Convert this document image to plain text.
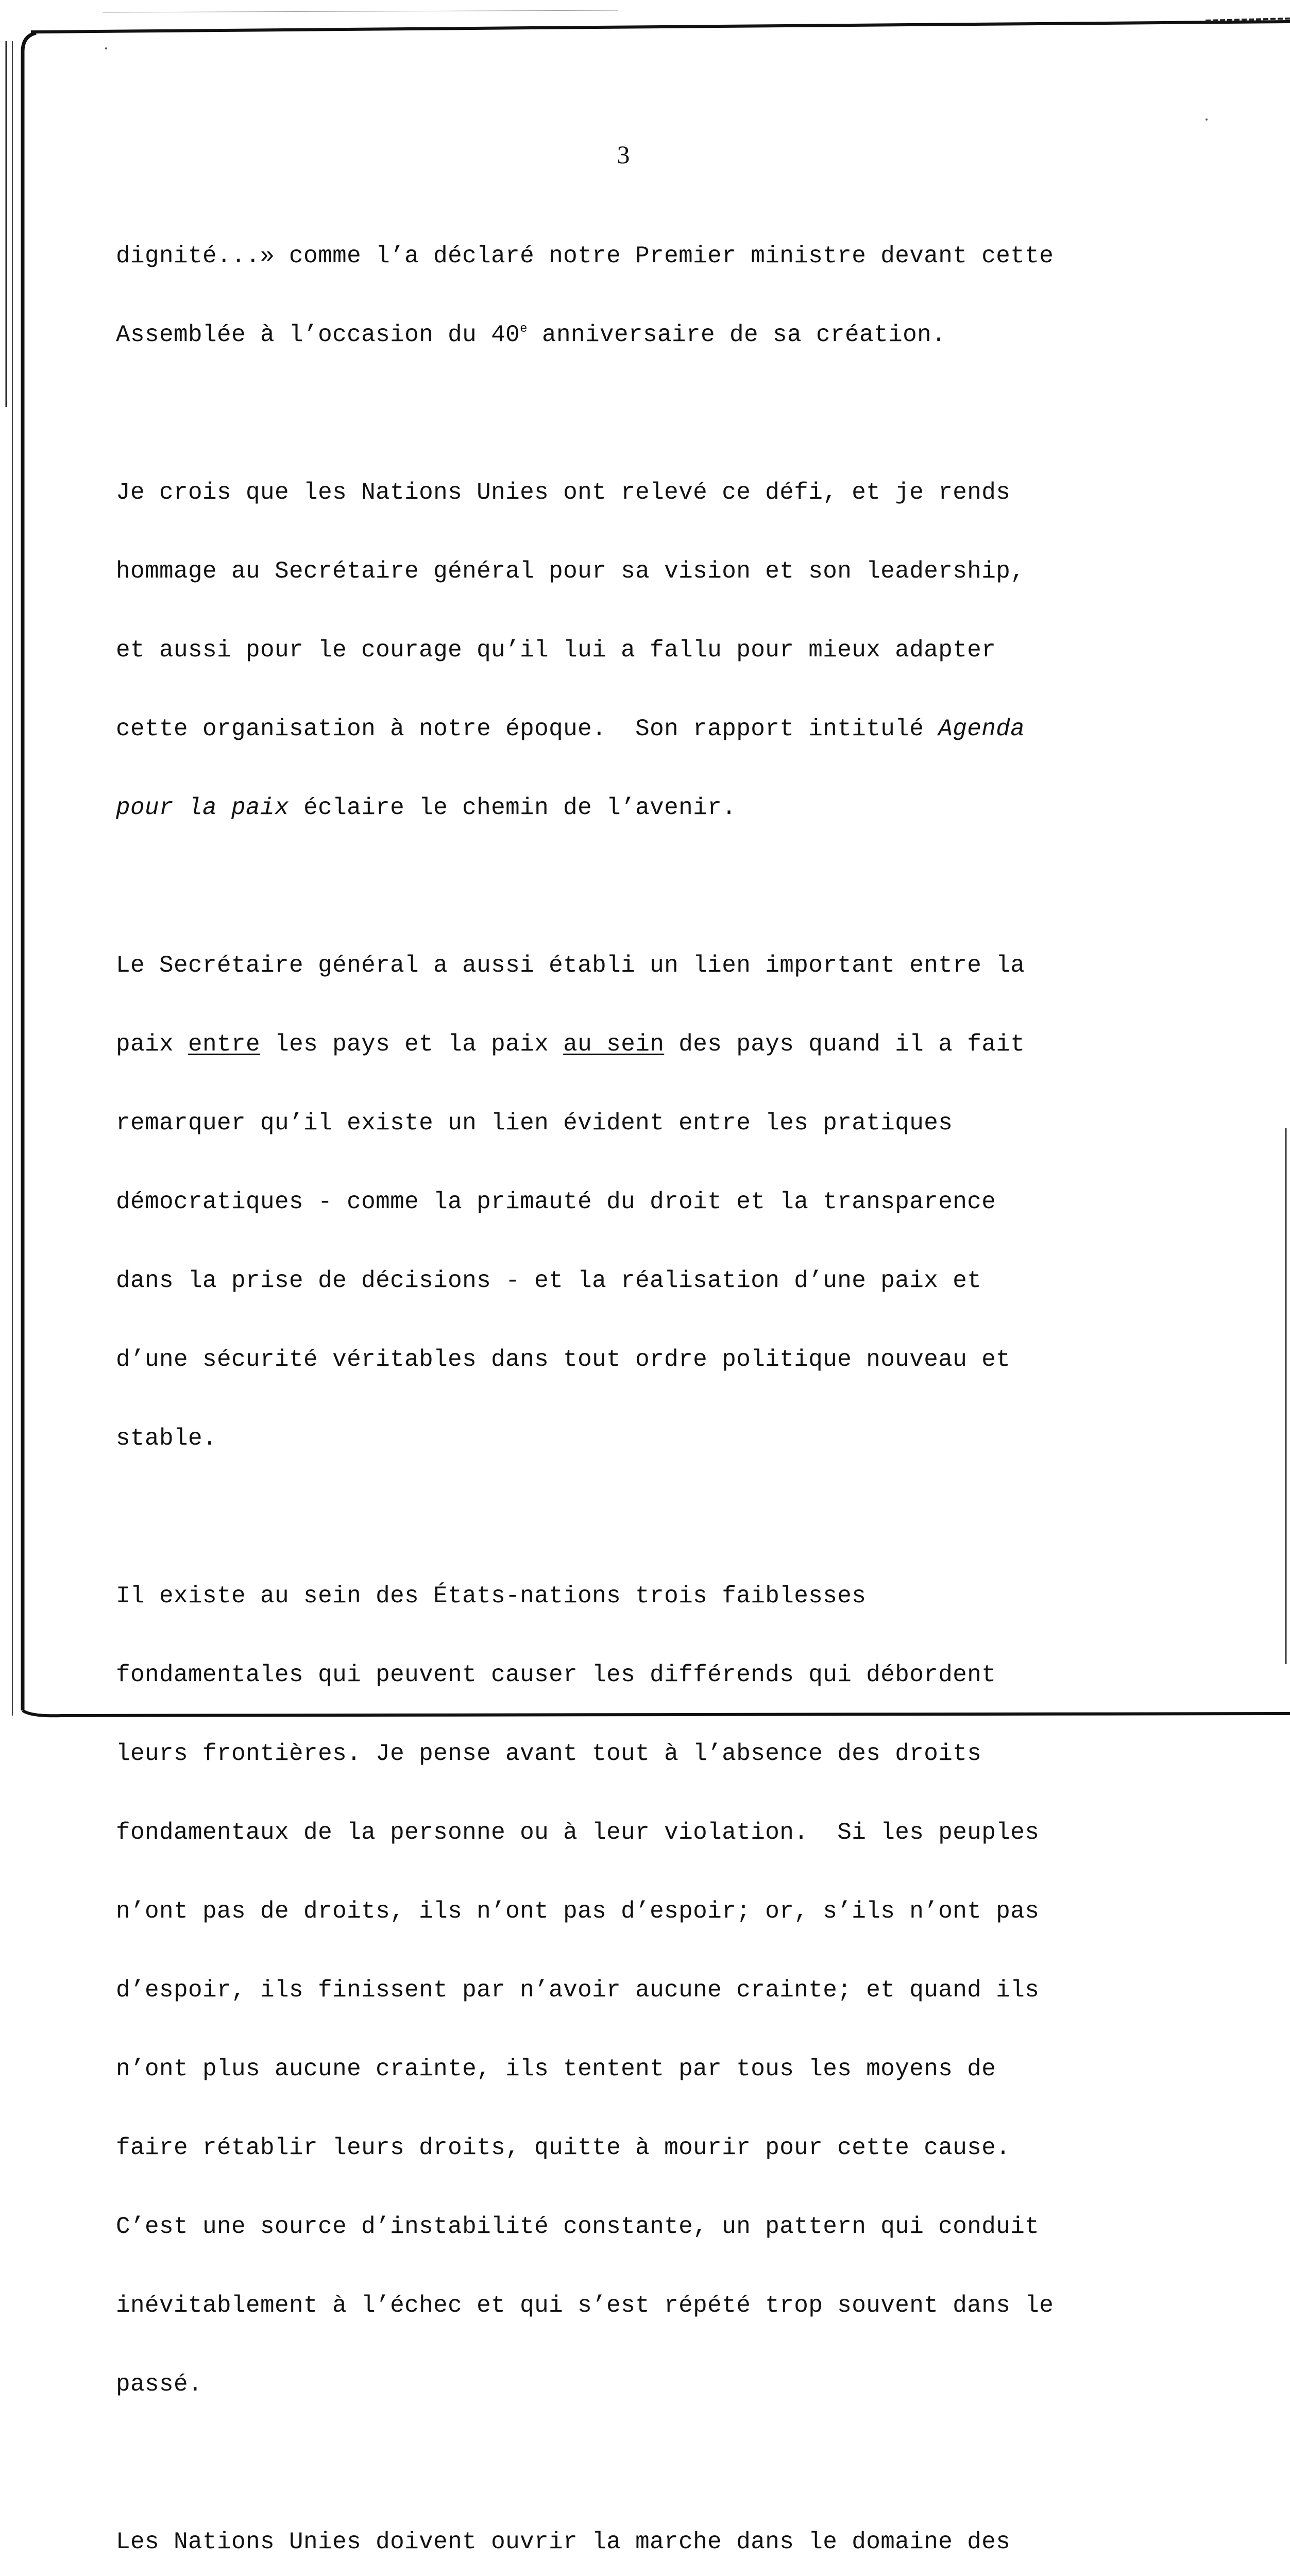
3

dignité...» comme l’a déclaré notre Premier ministre devant cette

Assemblée à l’occasion du 40e anniversaire de sa création.

Je crois que les Nations Unies ont relevé ce défi, et je rends

hommage au Secrétaire général pour sa vision et son leadership,

et aussi pour le courage qu’il lui a fallu pour mieux adapter

cette organisation à notre époque.  Son rapport intitulé Agenda

pour la paix éclaire le chemin de l’avenir.

Le Secrétaire général a aussi établi un lien important entre la

paix entre les pays et la paix au sein des pays quand il a fait

remarquer qu’il existe un lien évident entre les pratiques

démocratiques - comme la primauté du droit et la transparence

dans la prise de décisions - et la réalisation d’une paix et

d’une sécurité véritables dans tout ordre politique nouveau et

stable.

Il existe au sein des États-nations trois faiblesses

fondamentales qui peuvent causer les différends qui débordent

leurs frontières. Je pense avant tout à l’absence des droits

fondamentaux de la personne ou à leur violation.  Si les peuples

n’ont pas de droits, ils n’ont pas d’espoir; or, s’ils n’ont pas

d’espoir, ils finissent par n’avoir aucune crainte; et quand ils

n’ont plus aucune crainte, ils tentent par tous les moyens de

faire rétablir leurs droits, quitte à mourir pour cette cause.

C’est une source d’instabilité constante, un pattern qui conduit

inévitablement à l’échec et qui s’est répété trop souvent dans le

passé.

Les Nations Unies doivent ouvrir la marche dans le domaine des
